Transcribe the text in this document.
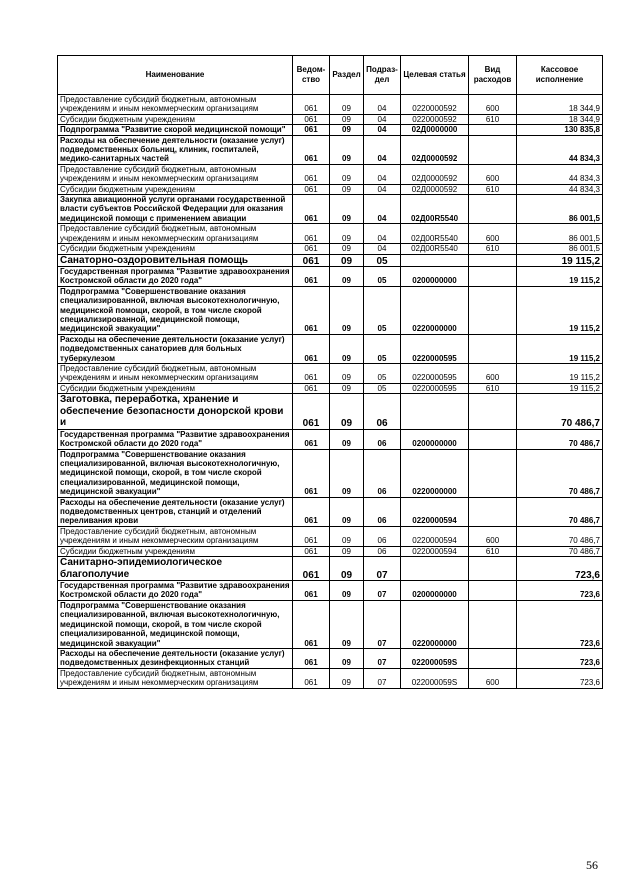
Наименование	Ведом-ство	Раздел	Подраз-дел	Целевая статья	Вид расходов	Кассовое исполнение
Предоставление субсидий бюджетным, автономным учреждениям и иным некоммерческим организациям	061	09	04	0220000592	600	18 344,9
Субсидии бюджетным учреждениям	061	09	04	0220000592	610	18 344,9
Подпрограмма "Развитие скорой медицинской помощи"	061	09	04	02Д0000000		130 835,8
Расходы на обеспечение деятельности (оказание услуг) подведомственных больниц, клиник, госпиталей, медико-санитарных частей	061	09	04	02Д0000592		44 834,3
Предоставление субсидий бюджетным, автономным учреждениям и иным некоммерческим организациям	061	09	04	02Д0000592	600	44 834,3
Субсидии бюджетным учреждениям	061	09	04	02Д0000592	610	44 834,3
Закупка авиационной услуги органами государственной власти субъектов Российской Федерации для оказания медицинской помощи с применением авиации	061	09	04	02Д00R5540		86 001,5
Предоставление субсидий бюджетным, автономным учреждениям и иным некоммерческим организациям	061	09	04	02Д00R5540	600	86 001,5
Субсидии бюджетным учреждениям	061	09	04	02Д00R5540	610	86 001,5
Санаторно-оздоровительная помощь	061	09	05			19 115,2
Государственная программа "Развитие здравоохранения Костромской области до 2020 года"	061	09	05	0200000000		19 115,2
Подпрограмма "Совершенствование оказания специализированной, включая высокотехнологичную, медицинской помощи, скорой, в том числе скорой специализированной, медицинской помощи, медицинской эвакуации"	061	09	05	0220000000		19 115,2
Расходы на обеспечение деятельности (оказание услуг) подведомственных санаториев для больных туберкулезом	061	09	05	0220000595		19 115,2
Предоставление субсидий бюджетным, автономным учреждениям и иным некоммерческим организациям	061	09	05	0220000595	600	19 115,2
Субсидии бюджетным учреждениям	061	09	05	0220000595	610	19 115,2
Заготовка, переработка, хранение и обеспечение безопасности донорской крови и	061	09	06			70 486,7
Государственная программа "Развитие здравоохранения Костромской области до 2020 года"	061	09	06	0200000000		70 486,7
Подпрограмма "Совершенствование оказания специализированной, включая высокотехнологичную, медицинской помощи, скорой, в том числе скорой специализированной, медицинской помощи, медицинской эвакуации"	061	09	06	0220000000		70 486,7
Расходы на обеспечение деятельности (оказание услуг) подведомственных центров, станций и отделений переливания крови	061	09	06	0220000594		70 486,7
Предоставление субсидий бюджетным, автономным учреждениям и иным некоммерческим организациям	061	09	06	0220000594	600	70 486,7
Субсидии бюджетным учреждениям	061	09	06	0220000594	610	70 486,7
Санитарно-эпидемиологическое благополучие	061	09	07			723,6
Государственная программа "Развитие здравоохранения Костромской области до 2020 года"	061	09	07	0200000000		723,6
Подпрограмма "Совершенствование оказания специализированной, включая высокотехнологичную, медицинской помощи, скорой, в том числе скорой специализированной, медицинской помощи, медицинской эвакуации"	061	09	07	0220000000		723,6
Расходы на обеспечение деятельности (оказание услуг) подведомственных дезинфекционных станций	061	09	07	022000059S		723,6
Предоставление субсидий бюджетным, автономным учреждениям и иным некоммерческим организациям	061	09	07	022000059S	600	723,6
56
